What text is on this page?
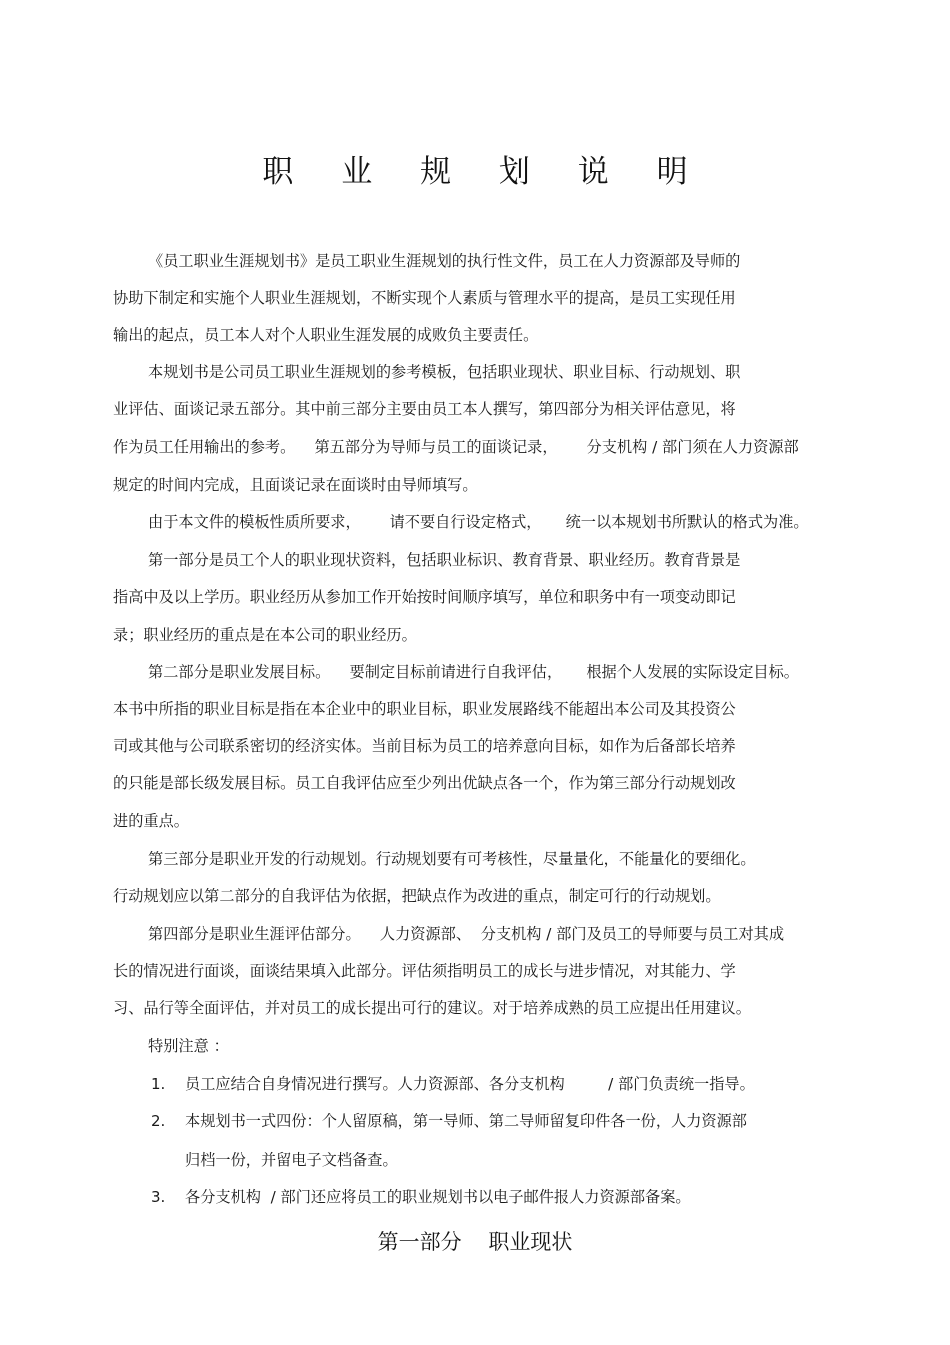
职 业 规 划 说 明
《员工职业生涯规划书》是员工职业生涯规划的执行性文件，员工在人力资源部及导师的
协助下制定和实施个人职业生涯规划，不断实现个人素质与管理水平的提高，是员工实现任用
输出的起点，员工本人对个人职业生涯发展的成败负主要责任。
本规划书是公司员工职业生涯规划的参考模板，包括职业现状、职业目标、行动规划、职
业评估、面谈记录五部分。其中前三部分主要由员工本人撰写，第四部分为相关评估意见，将
作为员工任用输出的参考。    第五部分为导师与员工的面谈记录，      分支机构 / 部门须在人力资源部
规定的时间内完成，且面谈记录在面谈时由导师填写。
由于本文件的模板性质所要求，      请不要自行设定格式，     统一以本规划书所默认的格式为准。
第一部分是员工个人的职业现状资料，包括职业标识、教育背景、职业经历。教育背景是
指高中及以上学历。职业经历从参加工作开始按时间顺序填写，单位和职务中有一项变动即记
录；职业经历的重点是在本公司的职业经历。
第二部分是职业发展目标。    要制定目标前请进行自我评估，     根据个人发展的实际设定目标。
本书中所指的职业目标是指在本企业中的职业目标，职业发展路线不能超出本公司及其投资公
司或其他与公司联系密切的经济实体。当前目标为员工的培养意向目标，如作为后备部长培养
的只能是部长级发展目标。员工自我评估应至少列出优缺点各一个，作为第三部分行动规划改
进的重点。
第三部分是职业开发的行动规划。行动规划要有可考核性，尽量量化，不能量化的要细化。
行动规划应以第二部分的自我评估为依据，把缺点作为改进的重点，制定可行的行动规划。
第四部分是职业生涯评估部分。    人力资源部、  分支机构 / 部门及员工的导师要与员工对其成
长的情况进行面谈，面谈结果填入此部分。评估须指明员工的成长与进步情况，对其能力、学
习、品行等全面评估，并对员工的成长提出可行的建议。对于培养成熟的员工应提出任用建议。
特别注意 ：
1. 员工应结合自身情况进行撰写。人力资源部、各分支机构         / 部门负责统一指导。
2. 本规划书一式四份：个人留原稿，第一导师、第二导师留复印件各一份，人力资源部
归档一份，并留电子文档备查。
3. 各分支机构  / 部门还应将员工的职业规划书以电子邮件报人力资源部备案。
第一部分    职业现状
